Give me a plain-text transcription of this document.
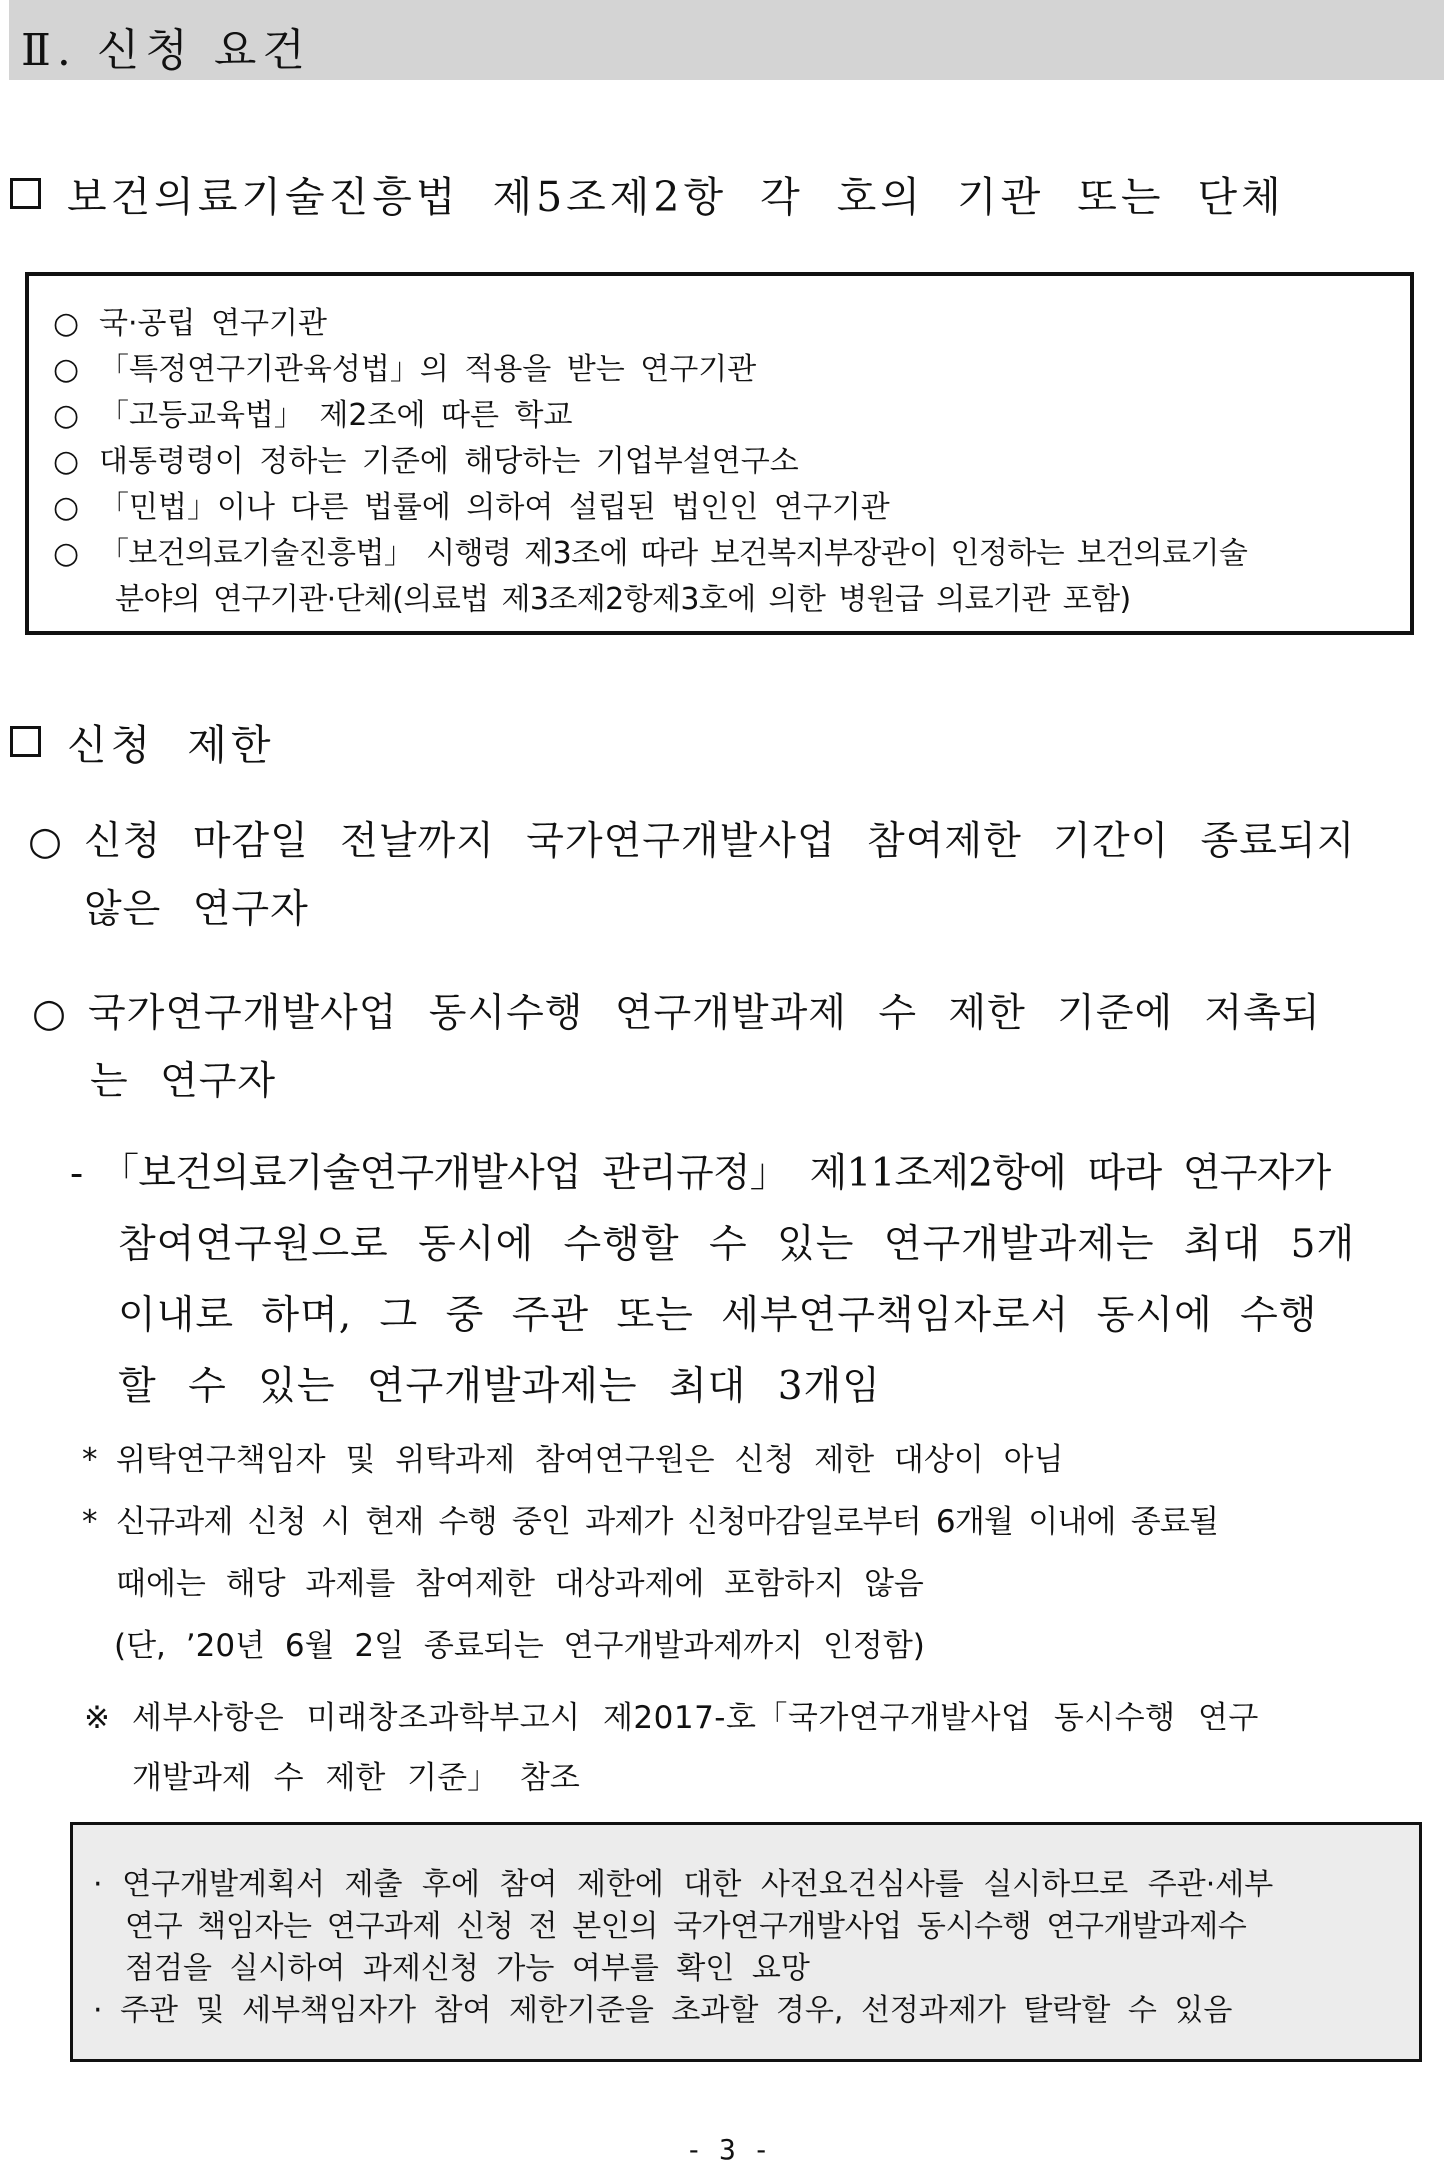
Ⅱ. 신청 요건
보건의료기술진흥법 제5조제2항 각 호의 기관 또는 단체
○ 국·공립 연구기관
○ 「특정연구기관육성법」의 적용을 받는 연구기관
○ 「고등교육법」 제2조에 따른 학교
○ 대통령령이 정하는 기준에 해당하는 기업부설연구소
○ 「민법」이나 다른 법률에 의하여 설립된 법인인 연구기관
○ 「보건의료기술진흥법」 시행령 제3조에 따라 보건복지부장관이 인정하는 보건의료기술
분야의 연구기관·단체(의료법 제3조제2항제3호에 의한 병원급 의료기관 포함)
신청 제한
○ 신청 마감일 전날까지 국가연구개발사업 참여제한 기간이 종료되지
않은 연구자
○ 국가연구개발사업 동시수행 연구개발과제 수 제한 기준에 저촉되
는 연구자
- 「보건의료기술연구개발사업 관리규정」 제11조제2항에 따라 연구자가
참여연구원으로 동시에 수행할 수 있는 연구개발과제는 최대 5개
이내로 하며, 그 중 주관 또는 세부연구책임자로서 동시에 수행
할 수 있는 연구개발과제는 최대 3개임
* 위탁연구책임자 및 위탁과제 참여연구원은 신청 제한 대상이 아님
* 신규과제 신청 시 현재 수행 중인 과제가 신청마감일로부터 6개월 이내에 종료될
때에는 해당 과제를 참여제한 대상과제에 포함하지 않음
(단, ’20년 6월 2일 종료되는 연구개발과제까지 인정함)
※ 세부사항은 미래창조과학부고시 제2017-호「국가연구개발사업 동시수행 연구
개발과제 수 제한 기준」 참조
· 연구개발계획서 제출 후에 참여 제한에 대한 사전요건심사를 실시하므로 주관·세부
연구 책임자는 연구과제 신청 전 본인의 국가연구개발사업 동시수행 연구개발과제수
점검을 실시하여 과제신청 가능 여부를 확인 요망
· 주관 및 세부책임자가 참여 제한기준을 초과할 경우, 선정과제가 탈락할 수 있음
- 3 -
